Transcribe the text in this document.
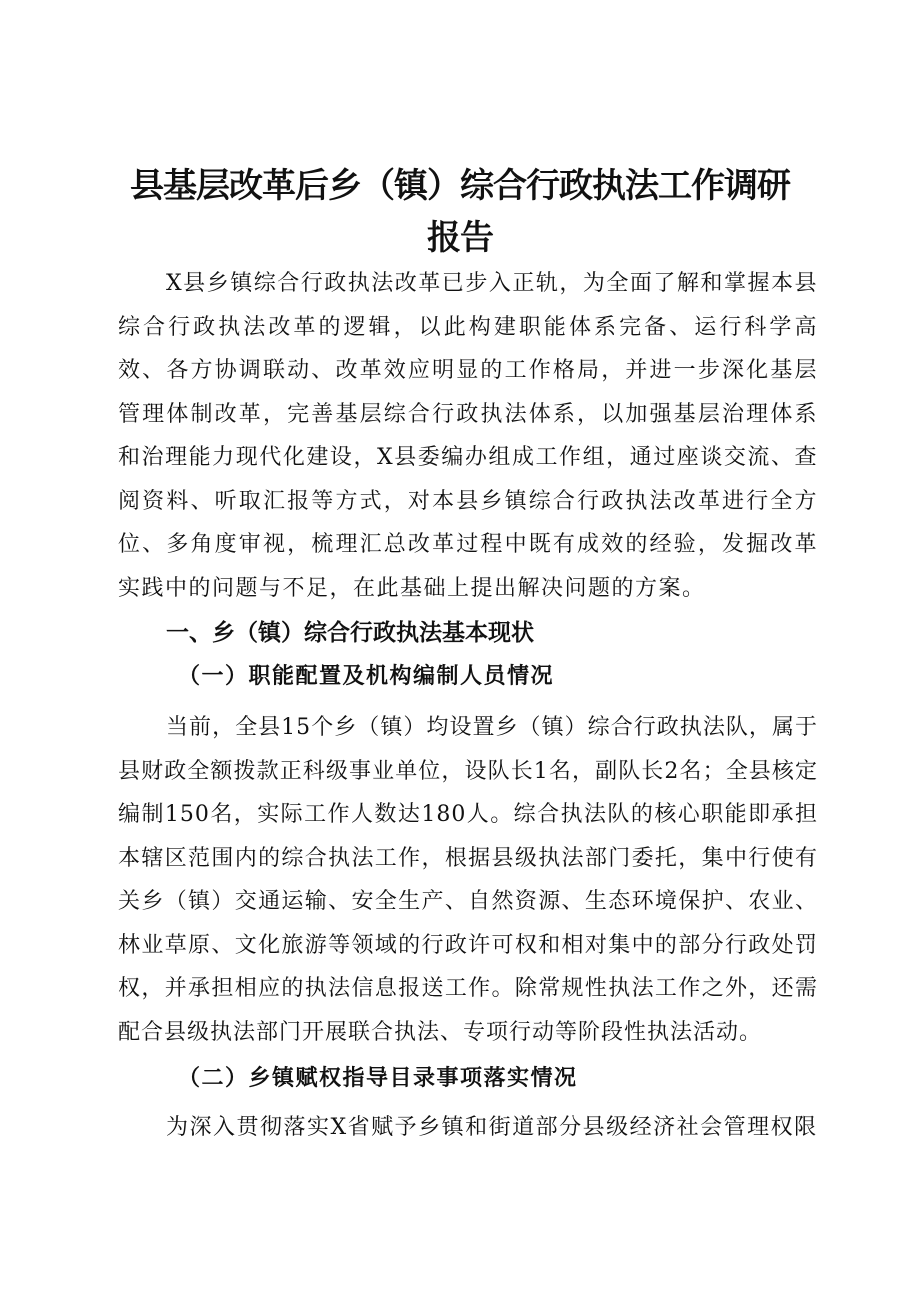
县基层改革后乡（镇）综合行政执法工作调研
报告

X县乡镇综合行政执法改革已步入正轨，为全面了解和掌握本县综合行政执法改革的逻辑，以此构建职能体系完备、运行科学高效、各方协调联动、改革效应明显的工作格局，并进一步深化基层管理体制改革，完善基层综合行政执法体系，以加强基层治理体系和治理能力现代化建设，X县委编办组成工作组，通过座谈交流、查阅资料、听取汇报等方式，对本县乡镇综合行政执法改革进行全方位、多角度审视，梳理汇总改革过程中既有成效的经验，发掘改革实践中的问题与不足，在此基础上提出解决问题的方案。

一、乡（镇）综合行政执法基本现状
（一）职能配置及机构编制人员情况

当前，全县15个乡（镇）均设置乡（镇）综合行政执法队，属于县财政全额拨款正科级事业单位，设队长1名，副队长2名；全县核定编制150名，实际工作人数达180人。综合执法队的核心职能即承担本辖区范围内的综合执法工作，根据县级执法部门委托，集中行使有关乡（镇）交通运输、安全生产、自然资源、生态环境保护、农业、林业草原、文化旅游等领域的行政许可权和相对集中的部分行政处罚权，并承担相应的执法信息报送工作。除常规性执法工作之外，还需配合县级执法部门开展联合执法、专项行动等阶段性执法活动。

（二）乡镇赋权指导目录事项落实情况

为深入贯彻落实X省赋予乡镇和街道部分县级经济社会管理权限
